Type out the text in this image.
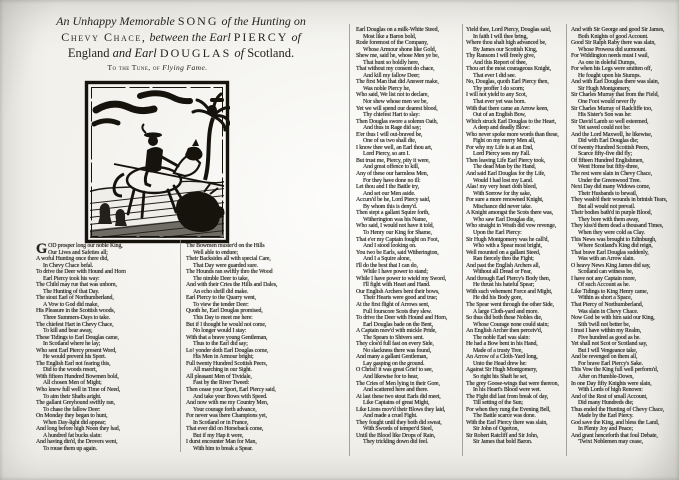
An Unhappy Memorable SONG of the Hunting on
Chevy Chace, between the Earl PIERCY of
England and Earl DOUGLAS of Scotland.
To the Tune, of Flying Fame.
G OD prosper long our noble King,
Our Lives and Safeties all;
A woful Hunting once there did,
In Chevy Chace befal.
To drive the Deer with Hound and Horn
Earl Piercy took his way:
The Child may rue that was unborn,
The Hunting of that Day.
The stout Earl of Northumberland,
A Vow to God did make,
His Pleasure in the Scottish woods,
Three Summers-Days to take.
The chiefest Hart in Chevy Chace,
To kill and bear away,
These Tidings to Earl Douglas came,
In Scotland where he lay;
Who sent Earl Piercy present Word,
He would prevent his Sport.
The English Earl not fearing this,
Did to the woods resort,
With fifteen Hundred Bowmen bold,
All chosen Men of Might;
Who knew full well in Time of Need,
To aim their Shafts aright.
The gallant Greyhound swiftly ran,
To chase the fallow Deer:
On Monday they began to hunt,
When Day-light did appear;
And long before high Noon they had,
A hundred fat bucks slain:
And having din'd, the Drovers went,
To rouse them up again.
The Bowmen muster'd on the Hills
Well able to endure;
Their Backsides all with special Care,
That Day were guarded sure.
The Hounds ran swiftly thro the Wood
The nimble Deer to take,
And with their Cries the Hills and Dales,
An echo shrill did make.
Earl Piercy to the Quarry went,
To view the tender Deer:
Quoth he, Earl Douglas promised,
This Day to meet me here:
But if I thought he would not come,
No longer would I stay:
With that a brave young Gentleman,
Thus to the Earl did say;
Lo! yonder doth Earl Douglas come,
His Men in Armour bright;
Full twenty Hundred Scottish Peers,
All marching in our Sight.
All pleasant Men of Tividale,
Fast by the River Tweed:
Then cease your Sport, Earl Piercy said,
And take your Bows with Speed.
And now with me my Country Men,
Your courage forth advance,
For never was there Champions yet,
In Scotland or in France,
That ever did on Horseback come,
But if my Hap it were,
I durst encounter Man for Man,
With him to break a Spear.
Earl Douglas on a milk-White Steed,
Most like a Baron bold,
Rode foremost of the Company,
Whose Armour shone like Gold,
Shew me, said he, whose Men ye be,
That hunt so boldly here,
That without my consent do chace,
And kill my fallow Deer;
The first Man that did Answer make,
Was noble Piercy he,
Who said, We list not to declare,
Nor shew whose men we be,
Yet we will spend our dearest blood,
Thy chiefest Hart to slay:
Then Douglas swore a solemn Oath,
And thus in Rage did say;
E'er thus I will out-braved be,
One of us two shall die,
I know thee well, an Earl thou art,
Lord Piercy, so am I.
But trust me, Piercy, pity it were,
And great offence to kill,
Any of these our harmless Men,
For they have done no ill:
Let thou and I the Battle try,
And set our Men aside.
Accurs'd be he, Lord Piercy said,
By whom this is deny'd.
Then stept a gallant Squire forth,
Witherington was his Name,
Who said, I would not have it told,
To Henry our King for Shame,
That e'er my Captain fought on Foot,
And I stood looking on.
You two be Earls, said Witherington,
And I a Squire alone,
I'll do the best that I can do,
While I have power to stand;
While I have power to wield my Sword,
I'll fight with Heart and Hand.
Our English Archers bent their bows,
Their Hearts were good and true;
At the first flight of Arrows sent,
Full fourscore Scots they slew.
To drive the Deer with Hound and Horn,
Earl Douglas bade on the Bent,
A Captain mov'd with mickle Pride,
The Spears to Shivers sent.
They clos'd full fast on every Side,
No slackness there was found,
And many a gallant Gentleman,
Lay gasping on the ground.
O Christ! it was great Grief to see,
And likewise for to hear,
The Cries of Men lying in their Gore,
And scattered here and there.
At last these two stout Earls did meet,
Like Captains of great Might,
Like Lions mov'd their Blows they laid,
And made a cruel Fight.
They fought until they both did sweat,
With Swords of temper'd Steel,
Until the Blood like Drops of Rain,
They trickling down did feel.
Yield thee, Lord Piercy, Douglas said,
In faith I will thee bring,
Where thou shalt high advanced be,
By James our Scottish King,
Thy Ransom I will freely give,
And this Report of thee,
Thou art the most courageous Knight,
That ever I did see.
No, Douglas, quoth Earl Piercy then,
Thy proffer I do scorn;
I will not yield to any Scot,
That ever yet was born.
With that there came an Arrow keen,
Out of an English Bow,
Which struck Earl Douglas to the Heart,
A deep and deadly Blow:
Who never spoke more words than these,
Fight on my merry Men all,
For why my Life is at an End,
Lord Piercy sees my Fall.
Then leaving Life Earl Piercy took,
The dead Man by the Hand,
And said Earl Douglas for thy Life,
Would I had lost my Land.
Alas! my very heart doth bleed,
With Sorrow for thy sake,
For sure a more renowned Knight,
Mischance did never take.
A Knight amongst the Scots there was,
Who saw Earl Douglas die,
Who straight in Wrath did vow revenge,
Upon the Earl Piercy:
Sir Hugh Montgomery was he call'd,
Who with a Spear most bright,
Well mounted on a gallant Steed,
Ran fiercely thro the Fight;
And past the English Archers all,
Without all Dread or Fear,
And through Earl Piercy's Body then,
He thrust his hateful Spear;
With such vehement Force and Might,
He did his Body gore,
The Spear went through the other Side,
A large Cloth-yard and more.
So thus did both these Nobles die,
Whose Courage none could stain;
An English Archer then perceiv'd,
The noble Earl was slain:
He had a Bow bent in his Hand,
Made of a trusty Tree,
An Arrow of a Cloth-Yard long,
Unto the Head drew he:
Against Sir Hugh Montgomery,
So right his Shaft he set,
The grey Goose-wings that were thereon,
In his Heart's Blood were wet.
The Fight did last from break of day,
Till setting of the Sun;
For when they rung the Evening Bell,
The Battle scarce was done.
With the Earl Piercy there was slain,
Sir John of Ogerton,
Sir Robert Ratcliff and Sir John,
Sir James that bold Baron.
And with Sir George and good Sir James,
Both Knights of good Account.
Good Sir Ralph Raby there was slain,
Whose Prowess did surmount.
For Widdington needs must I wail,
As one in doleful Dumps,
For when his Legs were smitten off,
He fought upon his Stumps.
And with Earl Douglas there was slain,
Sir Hugh Montgomery,
Sir Charles Murray that from the Field,
One Foot would never fly
Sir Charles Murray of Radcliffe too,
His Sister's Son was he:
Sir David Lamb so well esteemed,
Yet saved could not be:
And the Lord Maxwell, he likewise,
Did with Earl Douglas die;
Of twenty Hundred Scottish Peers,
Scarce fifty-five did fly;
Of fifteen Hundred Englishmen,
Went Home but fifty-three,
The rest were slain in Chevy Chace,
Under the Greenwood Tree.
Next Day did many Widows come,
Their Husbands to bewail,
They wash'd their wounds in brinish Tears,
But all would not prevail.
Their bodies bath'd in purple Blood,
They bore with them away,
They kiss'd them dead a thousand Times,
When they were cold as Clay.
This News was brought to Edinburgh,
Where Scotland's King did reign,
That brave Earl Douglas suddenly,
Was with an Arrow slain.
O heavy News King James did say,
Scotland can witness be,
I have not any Captain more,
Of such Account as he.
Like Tidings to King Henry came,
Within as short a Space,
That Piercy of Northumberland,
Was slain in Chevy Chace.
Now God be with him said our King,
Sith 'twill not better be,
I trust I have within my Realm,
Five hundred as good as he.
Yet shall not Scot or Scotland say,
But I will Vengeance take,
And be revenged on them all,
For brave Earl Piercy's Sake.
This Vow the King full well perform'd,
After on Humble-Down,
In one Day fifty Knights were slain,
With Lords of high Renown:
And of the Rest of small Account,
Did many Hundreds die;
Thus ended the Hunting of Chevy Chace,
Made by the Earl Piercy.
God save the King, and bless the Land,
In Plenty Joy and Peace;
And grant henceforth that foul Debate,
'Twixt Noblemen may cease,
